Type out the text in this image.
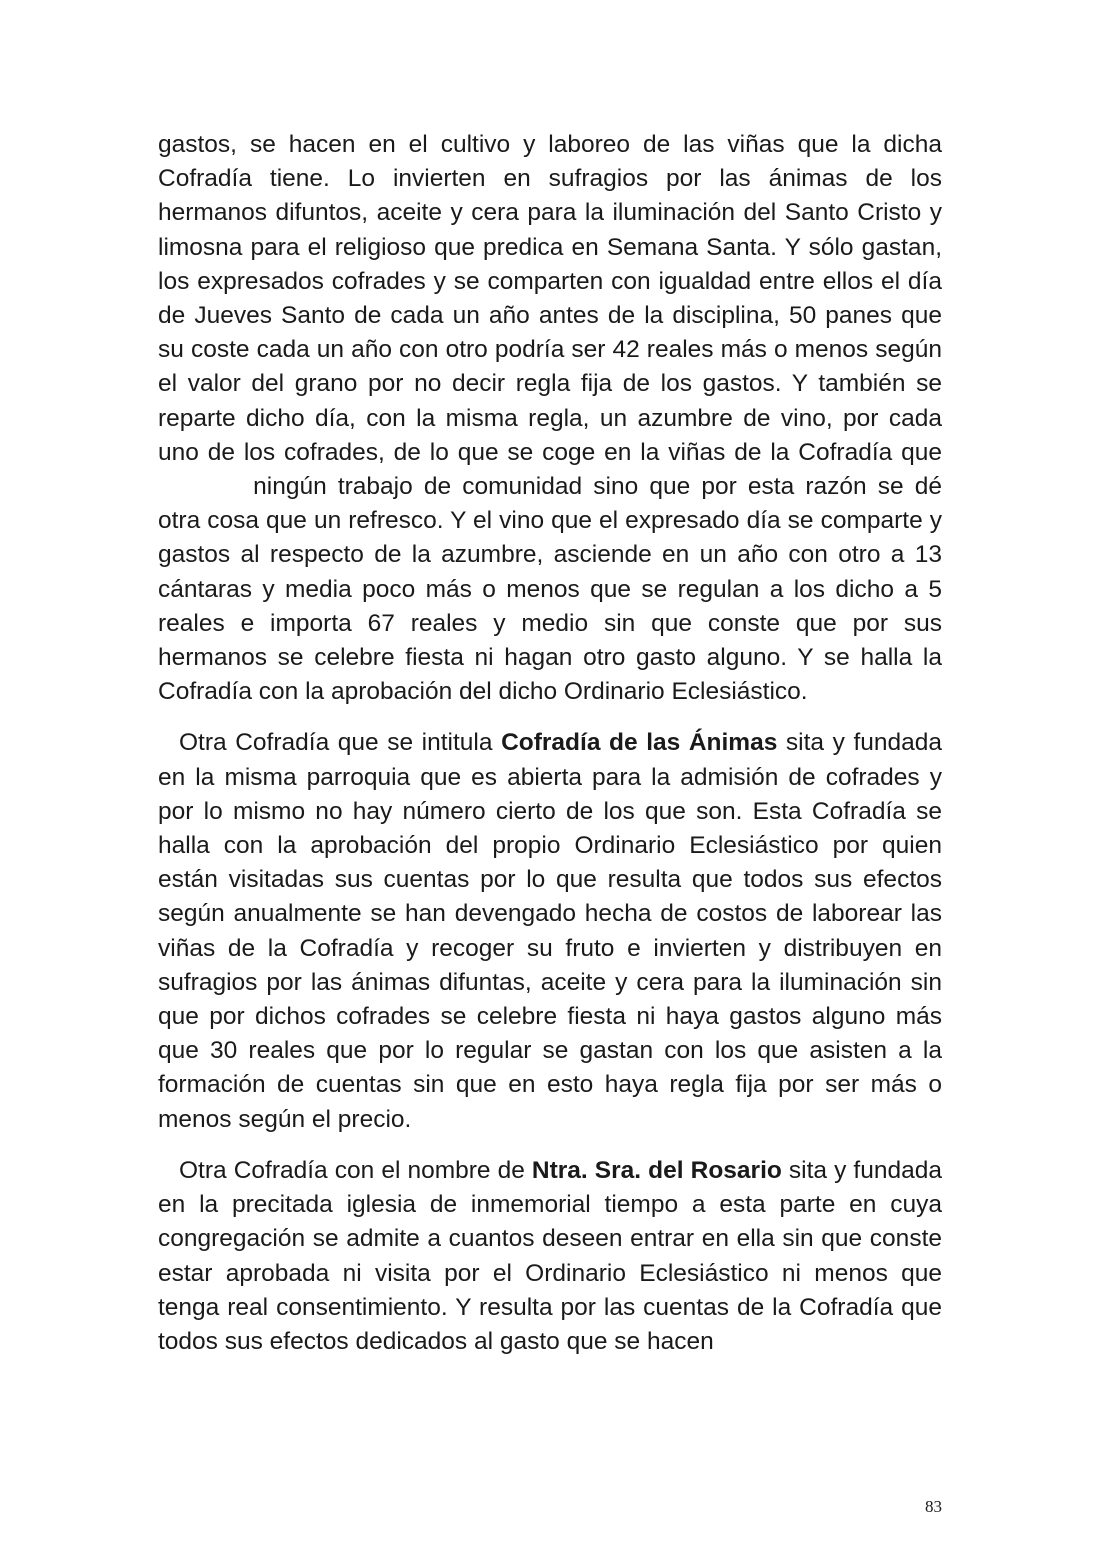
gastos, se hacen en el cultivo y laboreo de las viñas que la dicha Cofradía tiene. Lo invierten en sufragios por las ánimas de los hermanos difuntos, aceite y cera para la iluminación del Santo Cristo y limosna para el religioso que predica en Semana Santa. Y sólo gastan, los expresados cofrades y se comparten con igualdad entre ellos el día de Jueves Santo de cada un año antes de la disciplina, 50 panes que su coste cada un año con otro podría ser 42 reales más o menos según el valor del grano por no decir regla fija de los gastos. Y también se reparte dicho día, con la misma regla, un azumbre de vino, por cada uno de los cofrades, de lo que se coge en la viñas de la Cofradía que  ningún trabajo de comunidad sino que por esta razón se dé otra cosa que un refresco. Y el vino que el expresado día se comparte y gastos al respecto de la azumbre, asciende en un año con otro a 13 cántaras y media poco más o menos que se regulan a los dicho a 5 reales e importa 67 reales y medio sin que conste que por sus hermanos se celebre fiesta ni hagan otro gasto alguno. Y se halla la Cofradía con la aprobación del dicho Ordinario Eclesiástico.

Otra Cofradía que se intitula Cofradía de las Ánimas sita y fundada en la misma parroquia que es abierta para la admisión de cofrades y por lo mismo no hay número cierto de los que son. Esta Cofradía se halla con la aprobación del propio Ordinario Eclesiástico por quien están visitadas sus cuentas por lo que resulta que todos sus efectos según anualmente se han devengado hecha de costos de laborear las viñas de la Cofradía y recoger su fruto e invierten y distribuyen en sufragios por las ánimas difuntas, aceite y cera para la iluminación sin que por dichos cofrades se celebre fiesta ni haya gastos alguno más que 30 reales que por lo regular se gastan con los que asisten a la formación de cuentas sin que en esto haya regla fija por ser más o menos según el precio.

Otra Cofradía con el nombre de Ntra. Sra. del Rosario sita y fundada en la precitada iglesia de inmemorial tiempo a esta parte en cuya congregación se admite a cuantos deseen entrar en ella sin que conste estar aprobada ni visita por el Ordinario Eclesiástico ni menos que tenga real consentimiento. Y resulta por las cuentas de la Cofradía que todos sus efectos dedicados al gasto que se hacen

83
